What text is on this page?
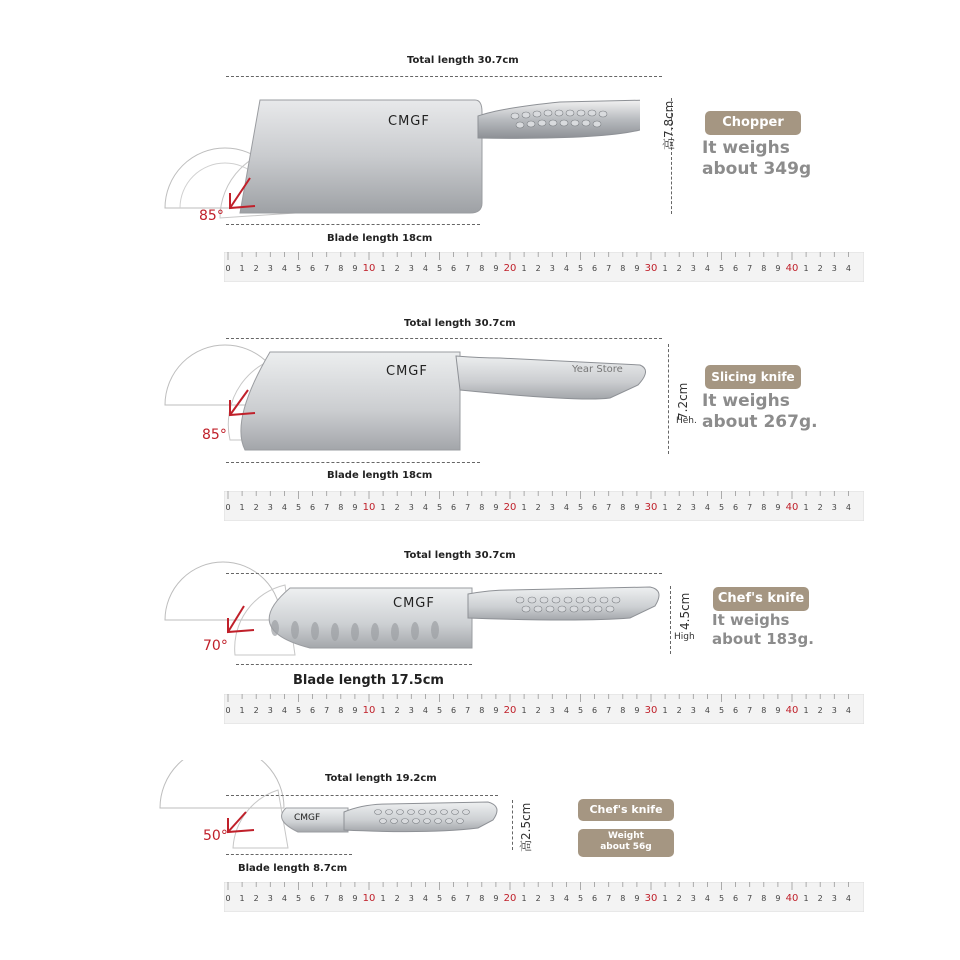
Total length 30.7cm
CMGF
85°
Blade length 18cm
高7.8cm	Chopper
It weighs
about 349g
0 1 2 3 4 5 6 7 8 9 10 1 2 3 4 5 6 7 8 9 20 1 2 3 4 5 6 7 8 9 30 1 2 3 4 5 6 7 8 9 40 1 2 3 4
Total length 30.7cm
CMGF	Year Store
85°
Blade length 18cm
7.2cm
Heh.
Slicing knife
It weighs
about 267g.
0 1 2 3 4 5 6 7 8 9 10 1 2 3 4 5 6 7 8 9 20 1 2 3 4 5 6 7 8 9 30 1 2 3 4 5 6 7 8 9 40 1 2 3 4
Total length 30.7cm
CMGF
70°
Blade length 17.5cm
4.5cm
High
Chef's knife
It weighs
about 183g.
0 1 2 3 4 5 6 7 8 9 10 1 2 3 4 5 6 7 8 9 20 1 2 3 4 5 6 7 8 9 30 1 2 3 4 5 6 7 8 9 40 1 2 3 4
Total length 19.2cm
CMGF
50°
Blade length 8.7cm
高2.5cm	Chef's knife
Weight
about 56g
0 1 2 3 4 5 6 7 8 9 10 1 2 3 4 5 6 7 8 9 20 1 2 3 4 5 6 7 8 9 30 1 2 3 4 5 6 7 8 9 40 1 2 3 4
